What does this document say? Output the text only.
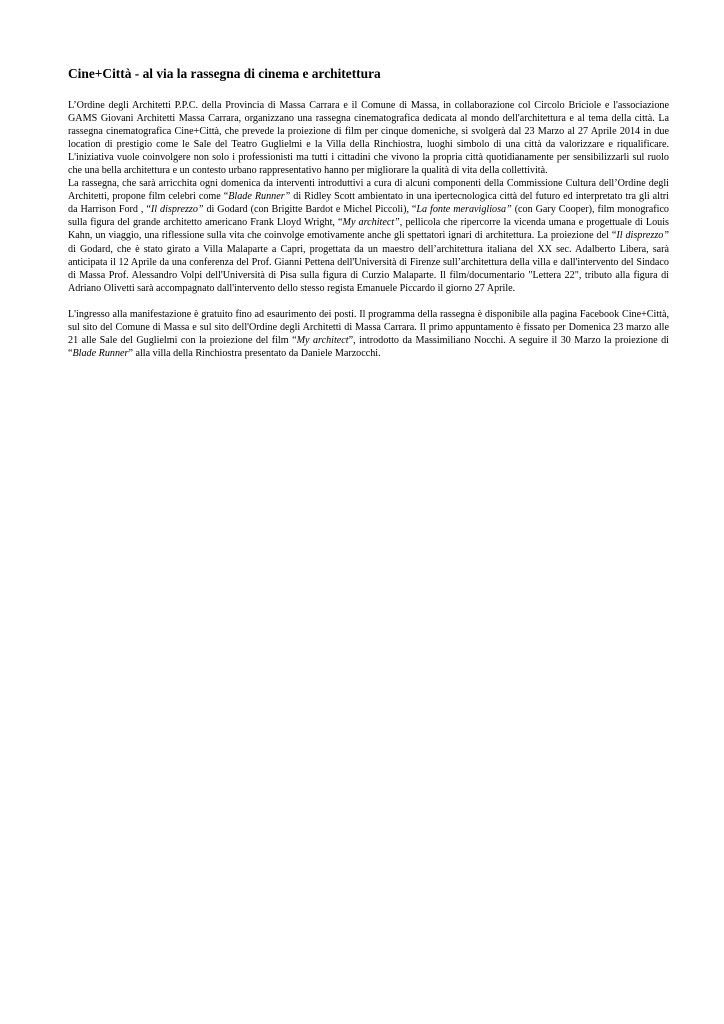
Cine+Città - al via la rassegna di cinema e architettura

L’Ordine degli Architetti P.P.C. della Provincia di Massa Carrara e il Comune di Massa, in collaborazione col Circolo Briciole e l'associazione GAMS Giovani Architetti Massa Carrara, organizzano una rassegna cinematografica dedicata al mondo dell'architettura e al tema della città. La rassegna cinematografica Cine+Città, che prevede la proiezione di film per cinque domeniche, si svolgerà dal 23 Marzo al 27 Aprile 2014 in due location di prestigio come le Sale del Teatro Guglielmi e la Villa della Rinchiostra, luoghi simbolo di una città da valorizzare e riqualificare. L'iniziativa vuole coinvolgere non solo i professionisti ma tutti i cittadini che vivono la propria città quotidianamente per sensibilizzarli sul ruolo che una bella architettura e un contesto urbano rappresentativo hanno per migliorare la qualità di vita della collettività.

La rassegna, che sarà arricchita ogni domenica da interventi introduttivi a cura di alcuni componenti della Commissione Cultura dell’Ordine degli Architetti, propone film celebri come “Blade Runner” di Ridley Scott ambientato in una ipertecnologica città del futuro ed interpretato tra gli altri da Harrison Ford , “Il disprezzo” di Godard (con Brigitte Bardot e Michel Piccoli), “La fonte meravigliosa” (con Gary Cooper), film monografico sulla figura del grande architetto americano Frank Lloyd Wright, “My architect”, pellicola che ripercorre la vicenda umana e progettuale di Louis Kahn, un viaggio, una riflessione sulla vita che coinvolge emotivamente anche gli spettatori ignari di architettura. La proiezione del “Il disprezzo” di Godard, che è stato girato a Villa Malaparte a Capri, progettata da un maestro dell’architettura italiana del XX sec. Adalberto Libera, sarà anticipata il 12 Aprile da una conferenza del Prof. Gianni Pettena dell'Università di Firenze sull’architettura della villa e dall'intervento del Sindaco di Massa Prof. Alessandro Volpi dell'Università di Pisa sulla figura di Curzio Malaparte. Il film/documentario "Lettera 22", tributo alla figura di Adriano Olivetti sarà accompagnato dall'intervento dello stesso regista Emanuele Piccardo il giorno 27 Aprile.

L'ingresso alla manifestazione è gratuito fino ad esaurimento dei posti. Il programma della rassegna è disponibile alla pagina Facebook Cine+Città, sul sito del Comune di Massa e sul sito dell'Ordine degli Architetti di Massa Carrara. Il primo appuntamento è fissato per Domenica 23 marzo alle 21 alle Sale del Guglielmi con la proiezione del film “My architect”, introdotto da Massimiliano Nocchi. A seguire il 30 Marzo la proiezione di “Blade Runner” alla villa della Rinchiostra presentato da Daniele Marzocchi.
